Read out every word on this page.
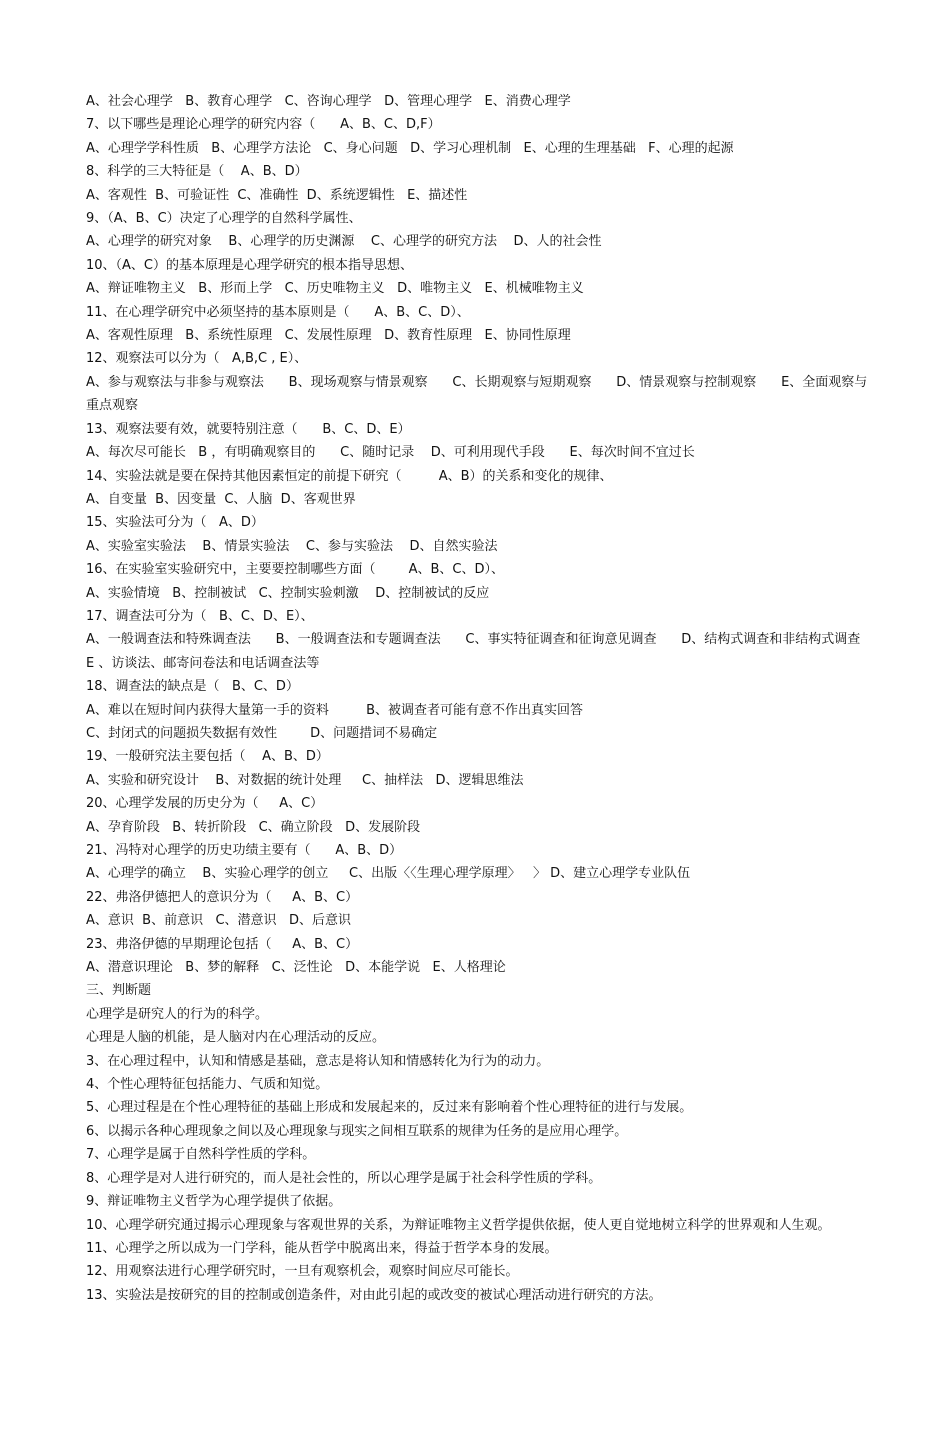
A、社会心理学   B、教育心理学   C、咨询心理学   D、管理心理学   E、消费心理学
7、以下哪些是理论心理学的研究内容（      A、B、C、D,F）
A、心理学学科性质   B、心理学方法论   C、身心问题   D、学习心理机制   E、心理的生理基础   F、心理的起源
8、科学的三大特征是（    A、B、D）
A、客观性  B、可验证性  C、准确性  D、系统逻辑性   E、描述性
9、（A、B、C）决定了心理学的自然科学属性、
A、心理学的研究对象    B、心理学的历史渊源    C、心理学的研究方法    D、人的社会性
10、（A、C）的基本原理是心理学研究的根本指导思想、
A、辩证唯物主义   B、形而上学   C、历史唯物主义   D、唯物主义   E、机械唯物主义
11、在心理学研究中必须坚持的基本原则是（      A、B、C、D）、
A、客观性原理   B、系统性原理   C、发展性原理   D、教育性原理   E、协同性原理
12、观察法可以分为（   A,B,C , E）、
A、参与观察法与非参与观察法      B、现场观察与情景观察      C、长期观察与短期观察      D、情景观察与控制观察      E、全面观察与重点观察
13、观察法要有效，就要特别注意（      B、C、D、E）
A、每次尽可能长   B ，有明确观察目的      C、随时记录    D、可利用现代手段      E、每次时间不宜过长
14、实验法就是要在保持其他因素恒定的前提下研究（         A、B）的关系和变化的规律、
A、自变量  B、因变量  C、人脑  D、客观世界
15、实验法可分为（   A、D）
A、实验室实验法    B、情景实验法    C、参与实验法    D、自然实验法
16、在实验室实验研究中，主要要控制哪些方面（        A、B、C、D）、
A、实验情境   B、控制被试   C、控制实验刺激    D、控制被试的反应
17、调查法可分为（   B、C、D、E）、
A、一般调查法和特殊调查法      B、一般调查法和专题调查法      C、事实特征调查和征询意见调查      D、结构式调查和非结构式调查   E 、访谈法、邮寄问卷法和电话调查法等
18、调查法的缺点是（   B、C、D）
A、难以在短时间内获得大量第一手的资料         B、被调查者可能有意不作出真实回答
C、封闭式的问题损失数据有效性        D、问题措词不易确定
19、一般研究法主要包括（    A、B、D）
A、实验和研究设计    B、对数据的统计处理     C、抽样法   D、逻辑思维法
20、心理学发展的历史分为（     A、C）
A、孕育阶段   B、转折阶段   C、确立阶段   D、发展阶段
21、冯特对心理学的历史功绩主要有（      A、B、D）
A、心理学的确立    B、实验心理学的创立     C、出版〈〈生理心理学原理〉   〉 D、建立心理学专业队伍
22、弗洛伊德把人的意识分为（     A、B、C）
A、意识  B、前意识   C、潜意识   D、后意识
23、弗洛伊德的早期理论包括（     A、B、C）
A、潜意识理论   B、梦的解释   C、泛性论   D、本能学说   E、人格理论
三、判断题
心理学是研究人的行为的科学。
心理是人脑的机能，是人脑对内在心理活动的反应。
3、在心理过程中，认知和情感是基础，意志是将认知和情感转化为行为的动力。
4、个性心理特征包括能力、气质和知觉。
5、心理过程是在个性心理特征的基础上形成和发展起来的，反过来有影响着个性心理特征的进行与发展。
6、以揭示各种心理现象之间以及心理现象与现实之间相互联系的规律为任务的是应用心理学。
7、心理学是属于自然科学性质的学科。
8、心理学是对人进行研究的，而人是社会性的，所以心理学是属于社会科学性质的学科。
9、辩证唯物主义哲学为心理学提供了依据。
10、心理学研究通过揭示心理现象与客观世界的关系，为辩证唯物主义哲学提供依据，使人更自觉地树立科学的世界观和人生观。
11、心理学之所以成为一门学科，能从哲学中脱离出来，得益于哲学本身的发展。
12、用观察法进行心理学研究时，一旦有观察机会，观察时间应尽可能长。
13、实验法是按研究的目的控制或创造条件，对由此引起的或改变的被试心理活动进行研究的方法。
